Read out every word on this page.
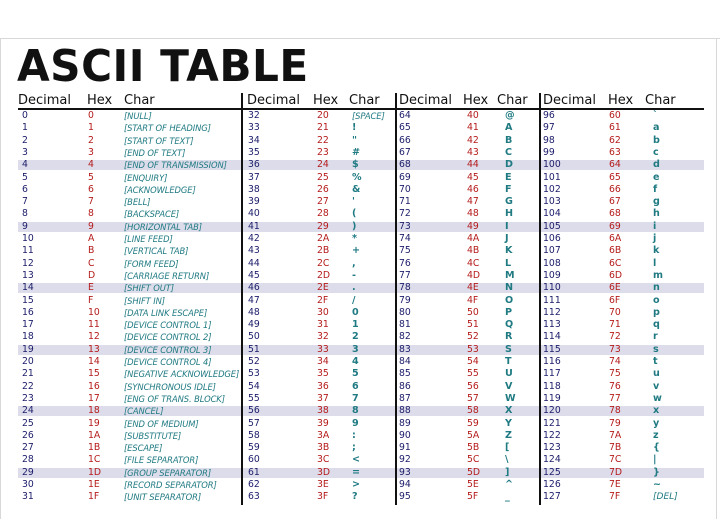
ASCII TABLE
Decimal Hex Char
0	0	[NULL]
1	1	[START OF HEADING]
2	2	[START OF TEXT]
3	3	[END OF TEXT]
4	4	[END OF TRANSMISSION]
5	5	[ENQUIRY]
6	6	[ACKNOWLEDGE]
7	7	[BELL]
8	8	[BACKSPACE]
9	9	[HORIZONTAL TAB]
10	A	[LINE FEED]
11	B	[VERTICAL TAB]
12	C	[FORM FEED]
13	D	[CARRIAGE RETURN]
14	E	[SHIFT OUT]
15	F	[SHIFT IN]
16	10	[DATA LINK ESCAPE]
17	11	[DEVICE CONTROL 1]
18	12	[DEVICE CONTROL 2]
19	13	[DEVICE CONTROL 3]
20	14	[DEVICE CONTROL 4]
21	15	[NEGATIVE ACKNOWLEDGE]
22	16	[SYNCHRONOUS IDLE]
23	17	[ENG OF TRANS. BLOCK]
24	18	[CANCEL]
25	19	[END OF MEDIUM]
26	1A	[SUBSTITUTE]
27	1B	[ESCAPE]
28	1C	[FILE SEPARATOR]
29	1D	[GROUP SEPARATOR]
30	1E	[RECORD SEPARATOR]
31	1F	[UNIT SEPARATOR]
Decimal Hex Char
32	20	[SPACE]
33	21 !
34	22 "
35	23 #
36	24 $
37	25 %
38	26 &
39	27 '
40	28 (
41	29 )
42	2A *
43	2B +
44	2C ,
45	2D -
46	2E .
47	2F /
48	30 0
49	31 1
50	32 2
51	33 3
52	34 4
53	35 5
54	36 6
55	37 7
56	38 8
57	39 9
58	3A :
59	3B ;
60	3C <
61	3D =
62	3E >
63	3F ?
Decimal Hex Char
64	40	@
65	41	A
66	42	B
67	43	C
68	44	D
69	45	E
70	46	F
71	47	G
72	48	H
73	49	I
74	4A	J
75	4B	K
76	4C	L
77	4D	M
78	4E	N
79	4F	O
80	50	P
81	51	Q
82	52	R
83	53	S
84	54	T
85	55	U
86	56	V
87	57	W
88	58	X
89	59	Y
90	5A	Z
91	5B	[
92	5C	\
93	5D	]
94	5E	^
95	5F	_
Decimal Hex Char
96	60	`
97	61	a
98	62	b
99	63	c
100	64	d
101	65	e
102	66	f
103	67	g
104	68	h
105	69	i
106	6A	j
107	6B	k
108	6C	l
109	6D	m
110	6E	n
111	6F	o
112	70	p
113	71	q
114	72	r
115	73	s
116	74	t
117	75	u
118	76	v
119	77	w
120	78	x
121	79	y
122	7A	z
123	7B	{
124	7C	|
125	7D	}
126	7E	~
127	7F	[DEL]
